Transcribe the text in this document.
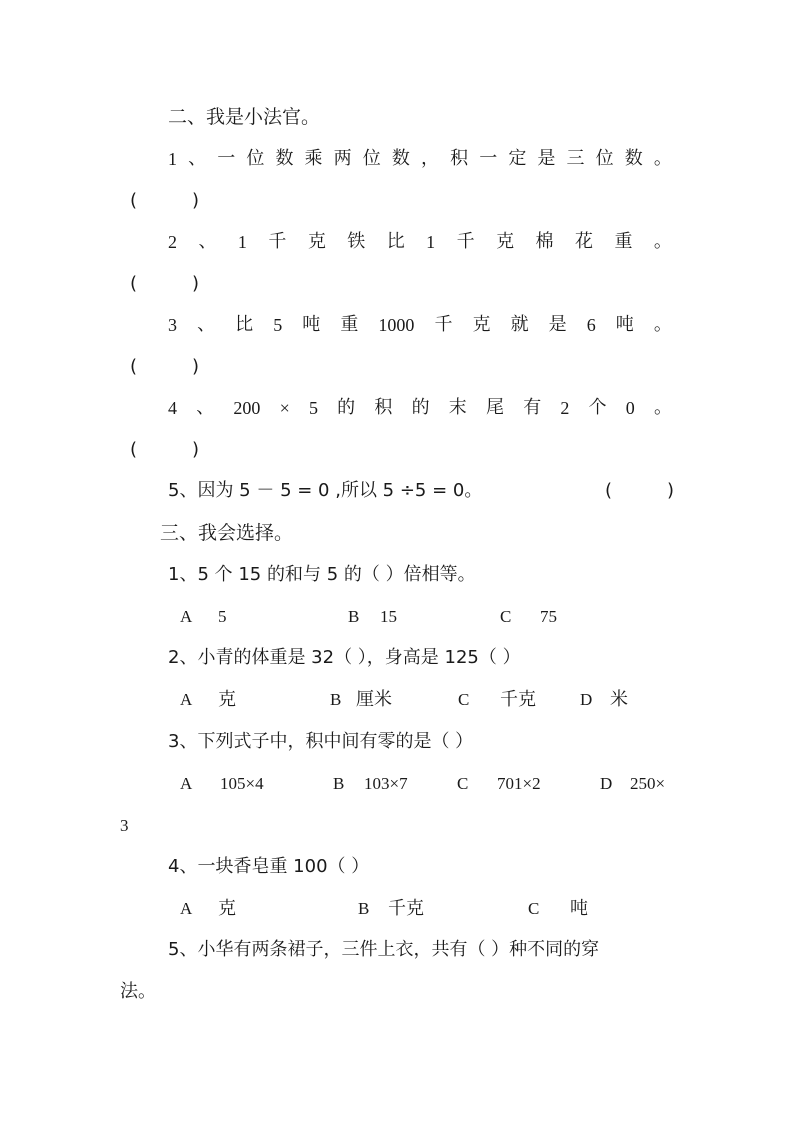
二、我是小法官。
1 、 一 位 数 乘 两 位 数 ， 积 一 定 是 三 位 数 。
(	)
2 、 1 千 克 铁 比 1 千 克 棉 花 重 。
(	)
3 、 比 5 吨 重 1000 千 克 就 是 6 吨 。
(	)
4 、 200 × 5 的 积 的 末 尾 有 2 个 0 。
(	)
5、因为 5 － 5 = 0 ,所以 5 ÷5 = 0。	(	)
三、我会选择。
1、5 个 15 的和与 5 的（ ）倍相等。
A 5	B 15	C 75
2、小青的体重是 32（ ），身高是 125（ ）
A 克	B 厘米	C 千克	D 米
3、下列式子中，积中间有零的是（ ）
A 105×4	B 103×7	C 701×2	D 250×
3
4、一块香皂重 100（ ）
A 克	B 千克	C 吨
5、小华有两条裙子，三件上衣，共有（ ）种不同的穿
法。
